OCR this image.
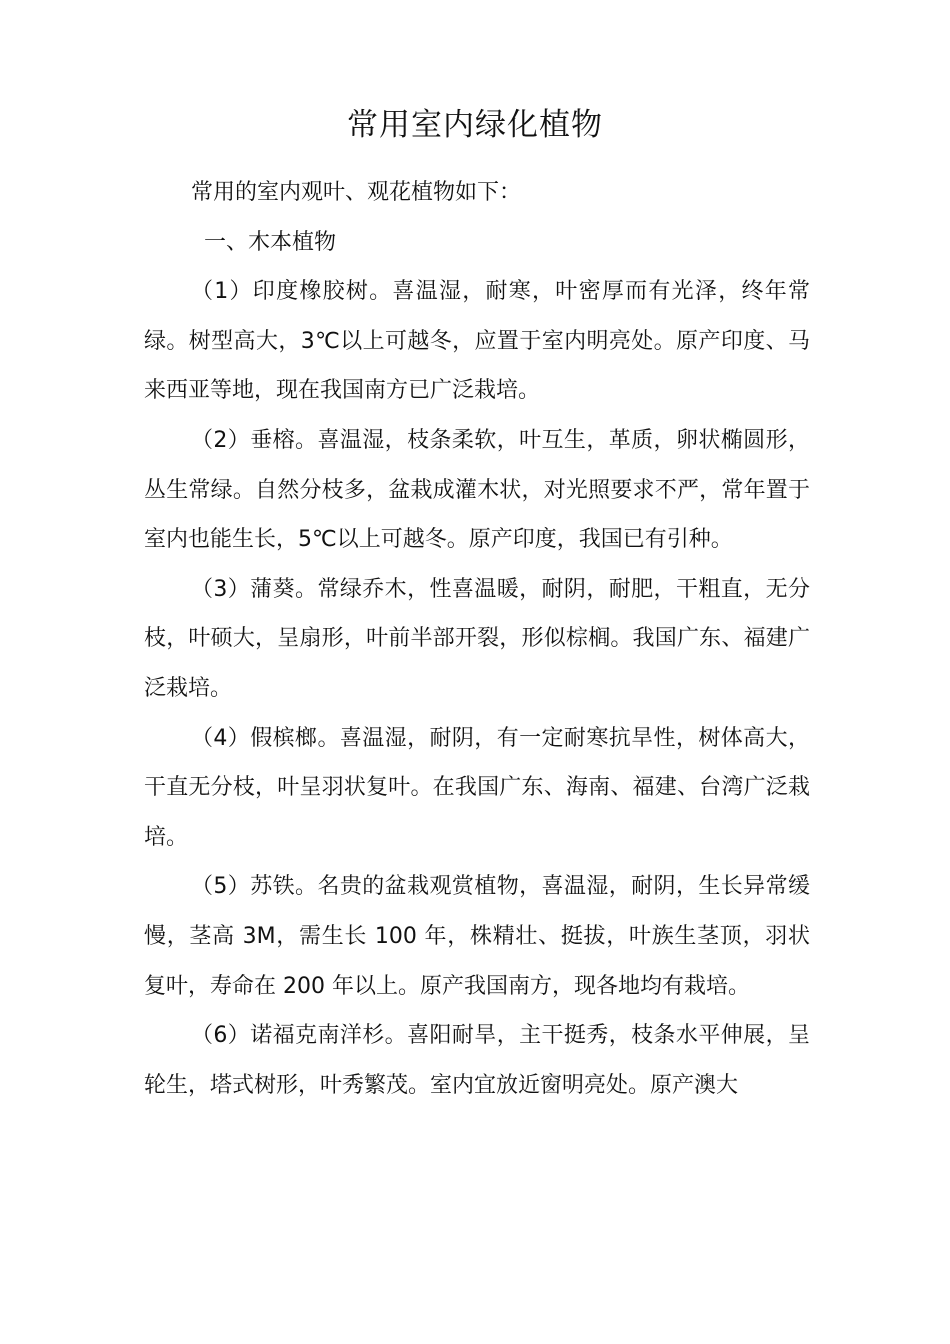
常用室内绿化植物

常用的室内观叶、观花植物如下：

一、木本植物

（1）印度橡胶树。喜温湿，耐寒，叶密厚而有光泽，终年常绿。树型高大，3℃以上可越冬，应置于室内明亮处。原产印度、马来西亚等地，现在我国南方已广泛栽培。

（2）垂榕。喜温湿，枝条柔软，叶互生，革质，卵状椭圆形，丛生常绿。自然分枝多，盆栽成灌木状，对光照要求不严，常年置于室内也能生长，5℃以上可越冬。原产印度，我国已有引种。

（3）蒲葵。常绿乔木，性喜温暖，耐阴，耐肥，干粗直，无分枝，叶硕大，呈扇形，叶前半部开裂，形似棕榈。我国广东、福建广泛栽培。

（4）假槟榔。喜温湿，耐阴，有一定耐寒抗旱性，树体高大，干直无分枝，叶呈羽状复叶。在我国广东、海南、福建、台湾广泛栽培。

（5）苏铁。名贵的盆栽观赏植物，喜温湿，耐阴，生长异常缓慢，茎高 3M，需生长 100 年，株精壮、挺拔，叶族生茎顶，羽状复叶，寿命在 200 年以上。原产我国南方，现各地均有栽培。

（6）诺福克南洋杉。喜阳耐旱，主干挺秀，枝条水平伸展，呈轮生，塔式树形，叶秀繁茂。室内宜放近窗明亮处。原产澳大
